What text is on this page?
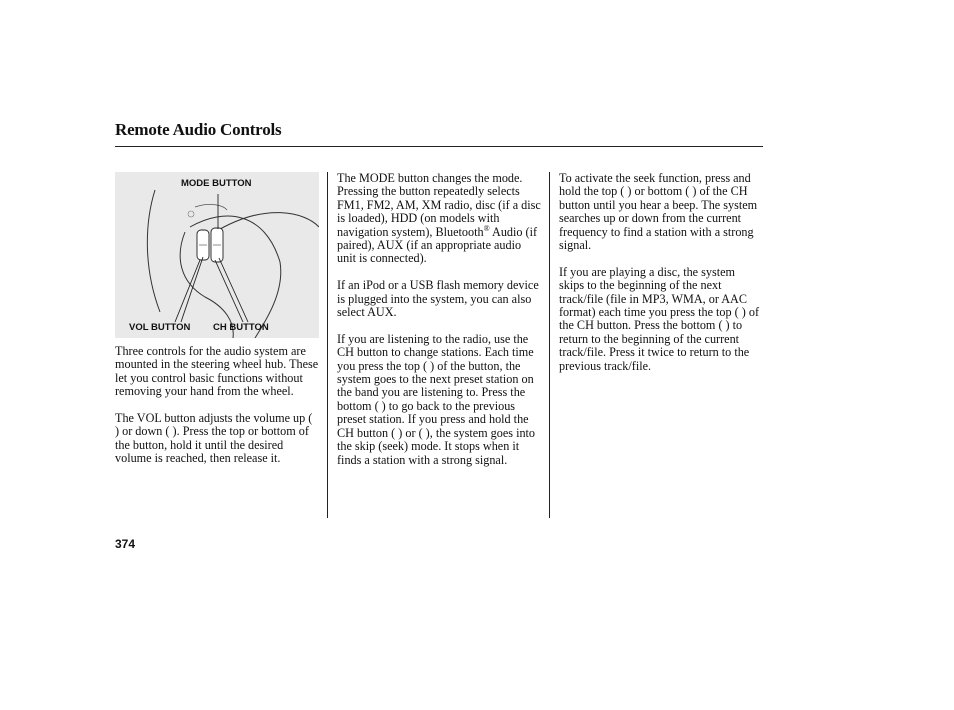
Remote Audio Controls
MODE BUTTON
VOL BUTTON CH BUTTON

Three controls for the audio system are mounted in the steering wheel hub. These let you control basic functions without removing your hand from the wheel.

The VOL button adjusts the volume up ( ) or down ( ). Press the top or bottom of the button, hold it until the desired volume is reached, then release it.

The MODE button changes the mode. Pressing the button repeatedly selects FM1, FM2, AM, XM radio, disc (if a disc is loaded), HDD (on models with navigation system), Bluetooth® Audio (if paired), AUX (if an appropriate audio unit is connected).

If an iPod or a USB flash memory device is plugged into the system, you can also select AUX.

If you are listening to the radio, use the CH button to change stations. Each time you press the top ( ) of the button, the system goes to the next preset station on the band you are listening to. Press the bottom ( ) to go back to the previous preset station. If you press and hold the CH button ( ) or ( ), the system goes into the skip (seek) mode. It stops when it finds a station with a strong signal.

To activate the seek function, press and hold the top ( ) or bottom ( ) of the CH button until you hear a beep. The system searches up or down from the current frequency to find a station with a strong signal.

If you are playing a disc, the system skips to the beginning of the next track/file (file in MP3, WMA, or AAC format) each time you press the top ( ) of the CH button. Press the bottom ( ) to return to the beginning of the current track/file. Press it twice to return to the previous track/file.

374
